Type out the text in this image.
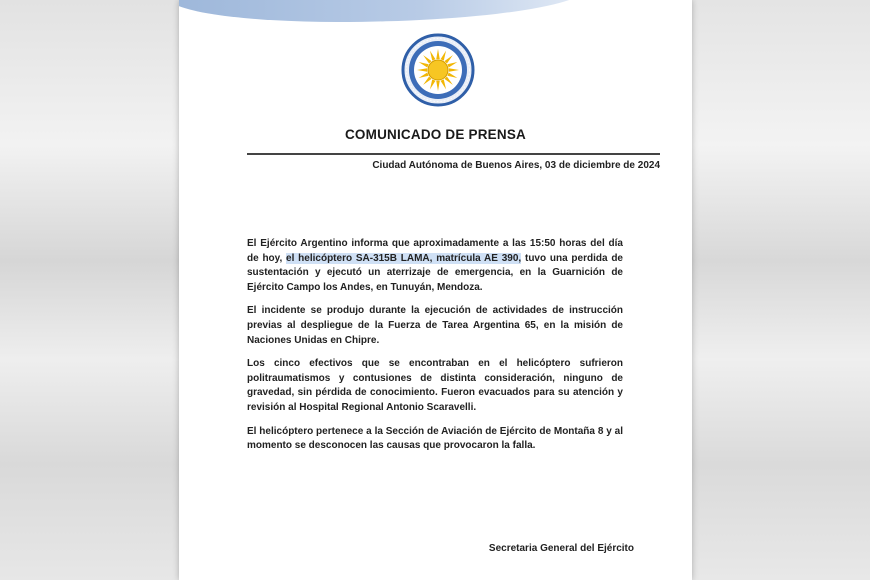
COMUNICADO DE PRENSA
Ciudad Autónoma de Buenos Aires, 03 de diciembre de 2024

El Ejército Argentino informa que aproximadamente a las 15:50 horas del día de hoy, el helicóptero SA-315B LAMA, matrícula AE 390, tuvo una perdida de sustentación y ejecutó un aterrizaje de emergencia, en la Guarnición de Ejército Campo los Andes, en Tunuyán, Mendoza.

El incidente se produjo durante la ejecución de actividades de instrucción previas al despliegue de la Fuerza de Tarea Argentina 65, en la misión de Naciones Unidas en Chipre.

Los cinco efectivos que se encontraban en el helicóptero sufrieron politraumatismos y contusiones de distinta consideración, ninguno de gravedad, sin pérdida de conocimiento. Fueron evacuados para su atención y revisión al Hospital Regional Antonio Scaravelli.

El helicóptero pertenece a la Sección de Aviación de Ejército de Montaña 8 y al momento se desconocen las causas que provocaron la falla.

Secretaria General del Ejército
